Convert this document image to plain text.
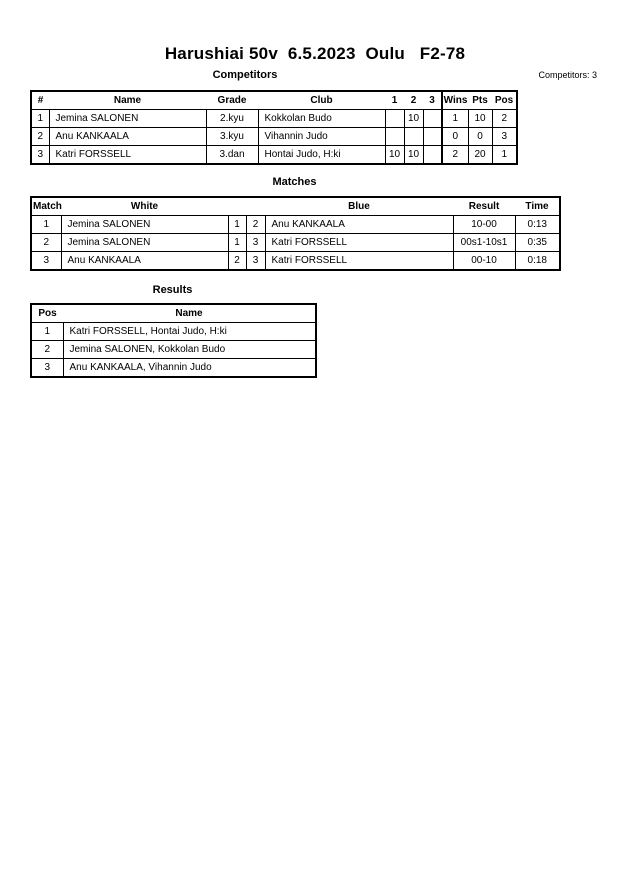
Harushiai 50v  6.5.2023  Oulu   F2-78
Competitors	Competitors: 3
#	Name	Grade	Club	1	2	3	Wins	Pts	Pos
1	Jemina SALONEN	2.kyu	Kokkolan Budo		10		1	10	2
2	Anu KANKAALA	3.kyu	Vihannin Judo				0	0	3
3	Katri FORSSELL	3.dan	Hontai Judo, H:ki	10	10		2	20	1
Matches
Match	White			Blue	Result	Time
1	Jemina SALONEN	1	2	Anu KANKAALA	10-00	0:13
2	Jemina SALONEN	1	3	Katri FORSSELL	00s1-10s1	0:35
3	Anu KANKAALA	2	3	Katri FORSSELL	00-10	0:18
Results
Pos	Name
1	Katri FORSSELL, Hontai Judo, H:ki
2	Jemina SALONEN, Kokkolan Budo
3	Anu KANKAALA, Vihannin Judo
